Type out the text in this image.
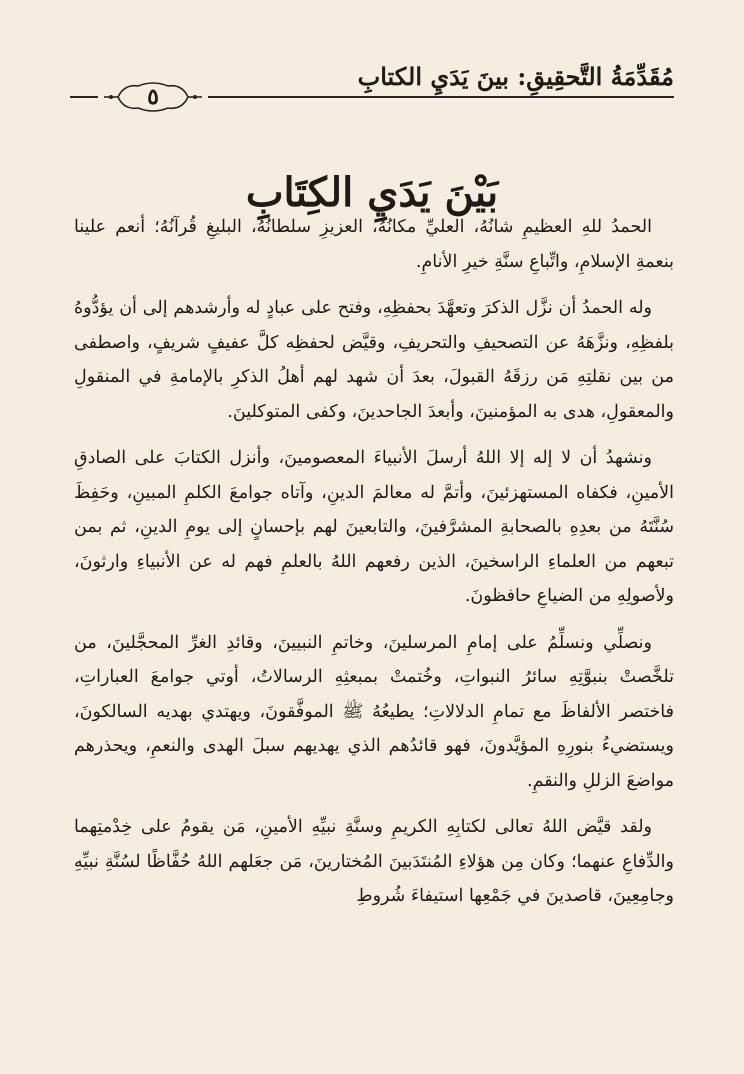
مُقَدِّمَةُ التَّحقِيقِ: بينَ يَدَيِ الكتابِ
٥
بَيْنَ يَدَيِ الكِتَابِ

الحمدُ للهِ العظيمِ شانُهُ، العليِّ مكانُهُ، العزيزِ سلطانُهُ، البليغِ قُرآنُهُ؛ أنعم علينا بنعمةِ الإسلامِ، واتِّباعِ سنَّةِ خيرِ الأنامِ.

وله الحمدُ أن نزَّل الذكرَ وتعهَّدَ بحفظِهِ، وفتح على عبادٍ له وأرشدهم إلى أن يؤدُّوهُ بلفظِهِ، ونزَّهَهُ عن التصحيفِ والتحريفِ، وقيَّض لحفظِه كلَّ عفيفٍ شريفٍ، واصطفى من بين نقلتِهِ مَن رزقَهُ القبولَ، بعدَ أن شهد لهم أهلُ الذكرِ بالإمامةِ في المنقولِ والمعقولِ، هدى به المؤمنينَ، وأبعدَ الجاحدينَ، وكفى المتوكلينَ.

ونشهدُ أن لا إله إلا اللهُ أرسلَ الأنبياءَ المعصومينَ، وأنزل الكتابَ على الصادقِ الأمينِ، فكفاه المستهزئينَ، وأتمَّ له معالمَ الدينِ، وآتاه جوامعَ الكلمِ المبينِ، وحَفِظَ سُنَّتَهُ من بعدِهِ بالصحابةِ المشرَّفينَ، والتابعينَ لهم بإحسانٍ إلى يومِ الدينِ، ثم بمن تبعهم من العلماءِ الراسخينَ، الذين رفعهم اللهُ بالعلمِ فهم له عن الأنبياءِ وارثونَ، ولأصولِهِ من الضياعِ حافظونَ.

ونصلِّي ونسلِّمُ على إمامِ المرسلينَ، وخاتمِ النبيينَ، وقائدِ الغرِّ المحجَّلينَ، من تلخَّصتْ بنبوَّتِهِ سائرُ النبواتِ، وخُتمتْ بمبعثِهِ الرسالاتُ، أوتي جوامعَ العباراتِ، فاختصر الألفاظَ مع تمامِ الدلالاتِ؛ يطيعُهُ ﷺ الموفَّقونَ، ويهتدي بهديه السالكونَ، ويستضيءُ بنورِهِ المؤيَّدونَ، فهو قائدُهم الذي يهديهم سبلَ الهدى والنعمِ، ويحذرهم مواضعَ الزللِ والنقمِ.

ولقد قيَّض اللهُ تعالى لكتابِهِ الكريمِ وسنَّةِ نبيِّهِ الأمينِ، مَن يقومُ على خِدْمتِهما والدِّفاعِ عنهما؛ وكان مِن هؤلاءِ المُنتَدَبينَ المُختارينَ، مَن جعَلهم اللهُ حُفَّاظًا لسُنَّةِ نبيِّهِ وجامِعِينَ، قاصدينَ في جَمْعِها استيفاءَ شُروطِ
